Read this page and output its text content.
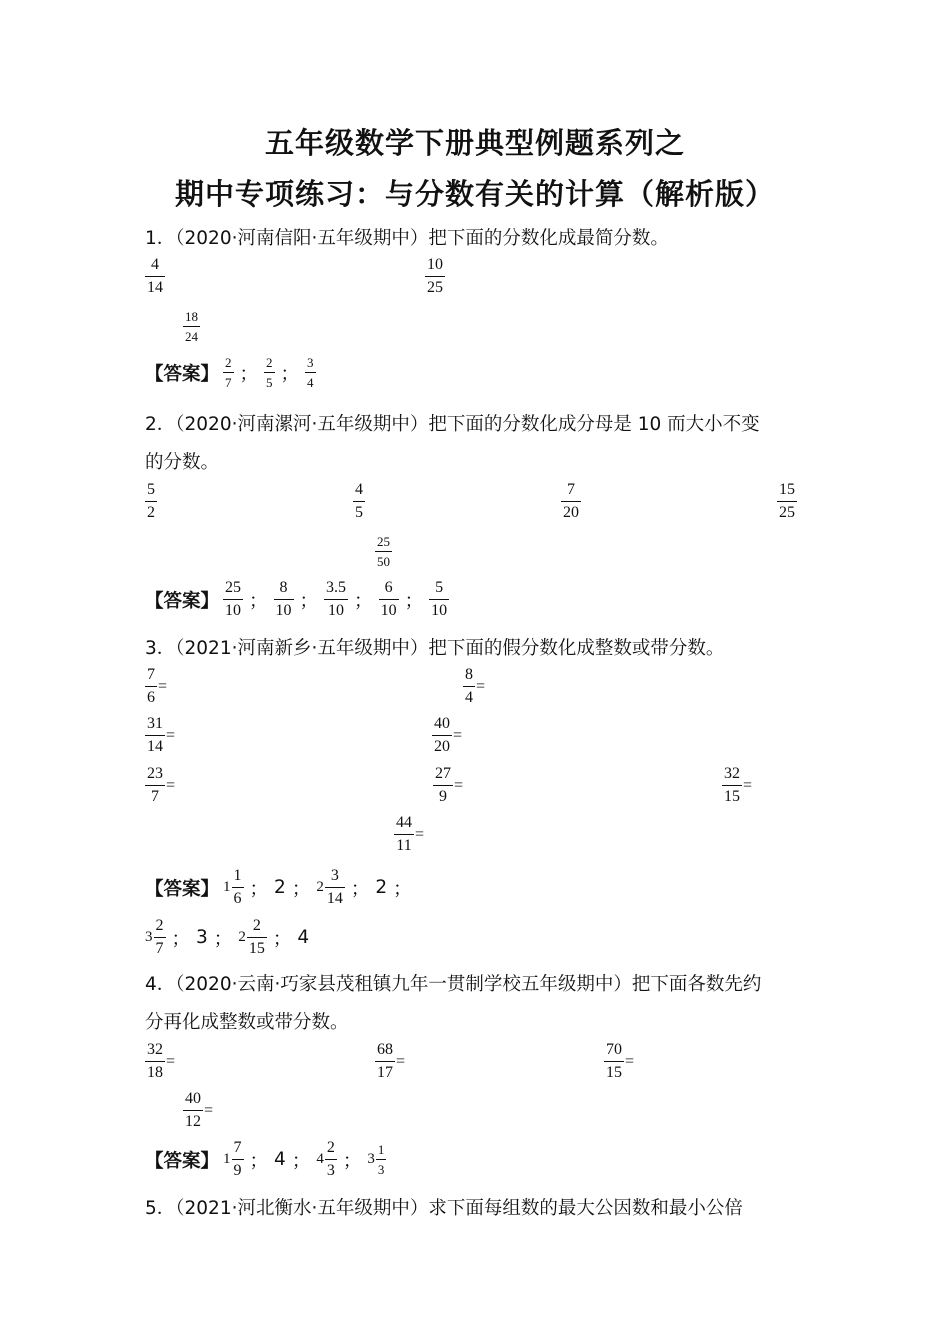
五年级数学下册典型例题系列之
期中专项练习：与分数有关的计算（解析版）
1．（2020·河南信阳·五年级期中）把下面的分数化成最简分数。
$\frac{4}{14}$	$\frac{10}{25}$
$\frac{18}{24}$
【答案】 $\frac{2}{7}$ ； $\frac{2}{5}$ ； $\frac{3}{4}$
2．（2020·河南漯河·五年级期中）把下面的分数化成分母是 10 而大小不变
的分数。
$\frac{5}{2}$	$\frac{4}{5}$	$\frac{7}{20}$	$\frac{15}{25}$
$\frac{25}{50}$
【答案】 $\frac{25}{10}$ ； $\frac{8}{10}$ ； $\frac{3.5}{10}$ ； $\frac{6}{10}$ ； $\frac{5}{10}$
3．（2021·河南新乡·五年级期中）把下面的假分数化成整数或带分数。
$\frac{7}{6}$ =	$\frac{8}{4}$ =
$\frac{31}{14}$ =	$\frac{40}{20}$ =
$\frac{23}{7}$ =	$\frac{27}{9}$ =	$\frac{32}{15}$ =
$\frac{44}{11}$ =
【答案】 $1 \frac{1}{6}$ ； 2 ； $2 \frac{3}{14}$ ； 2 ；
$3 \frac{2}{7}$ ； 3 ； $2 \frac{2}{15}$ ； 4
4．（2020·云南·巧家县茂租镇九年一贯制学校五年级期中）把下面各数先约
分再化成整数或带分数。
$\frac{32}{18}$ =	$\frac{68}{17}$ =	$\frac{70}{15}$ =
$\frac{40}{12}$ =
【答案】 $1 \frac{7}{9}$ ； 4 ； $4 \frac{2}{3}$ ； $3 \frac{1}{3}$
5．（2021·河北衡水·五年级期中）求下面每组数的最大公因数和最小公倍
